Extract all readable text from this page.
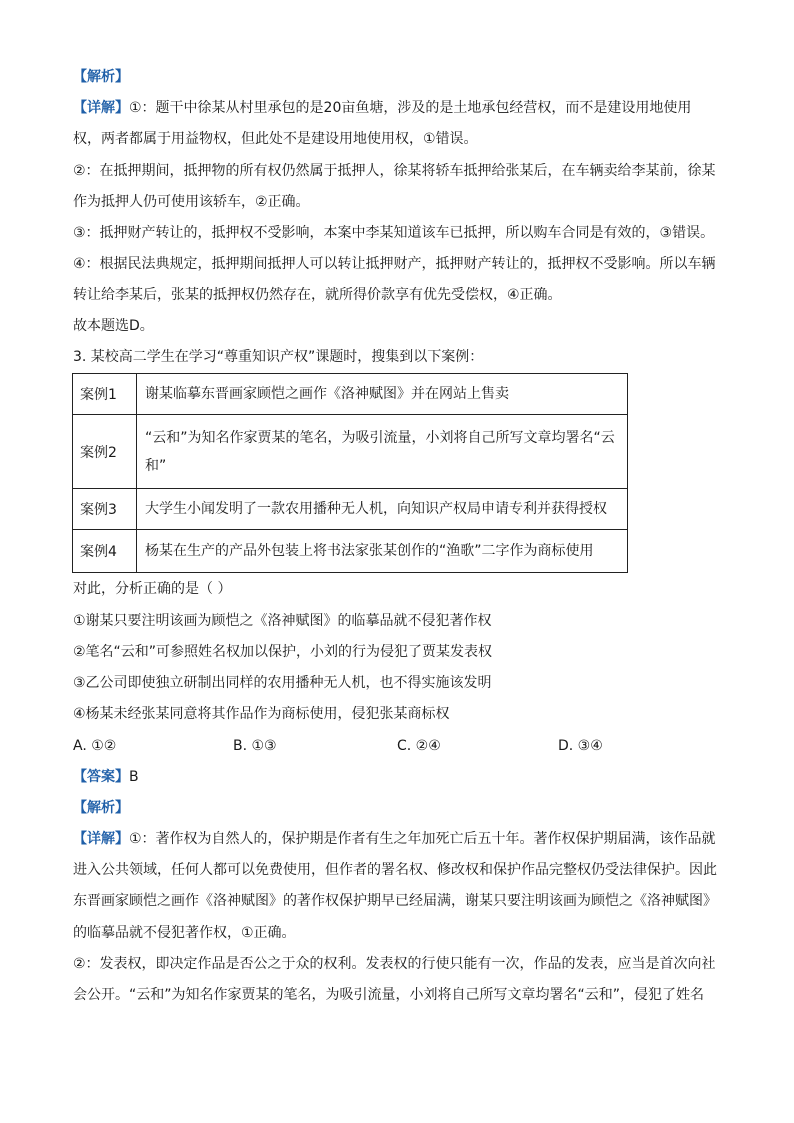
【解析】
【详解】①：题干中徐某从村里承包的是20亩鱼塘，涉及的是土地承包经营权，而不是建设用地使用
权，两者都属于用益物权，但此处不是建设用地使用权，①错误。
②：在抵押期间，抵押物的所有权仍然属于抵押人，徐某将轿车抵押给张某后，在车辆卖给李某前，徐某
作为抵押人仍可使用该轿车，②正确。
③：抵押财产转让的，抵押权不受影响，本案中李某知道该车已抵押，所以购车合同是有效的，③错误。
④：根据民法典规定，抵押期间抵押人可以转让抵押财产，抵押财产转让的，抵押权不受影响。所以车辆
转让给李某后，张某的抵押权仍然存在，就所得价款享有优先受偿权，④正确。
故本题选D。
3. 某校高二学生在学习“尊重知识产权”课题时，搜集到以下案例：
案例1	谢某临摹东晋画家顾恺之画作《洛神赋图》并在网站上售卖
案例2	“云和”为知名作家贾某的笔名，为吸引流量，小刘将自己所写文章均署名“云
和”

案例3	大学生小闻发明了一款农用播种无人机，向知识产权局申请专利并获得授权
案例4	杨某在生产的产品外包装上将书法家张某创作的“渔歌”二字作为商标使用
对此，分析正确的是（ ）
①谢某只要注明该画为顾恺之《洛神赋图》的临摹品就不侵犯著作权
②笔名“云和”可参照姓名权加以保护，小刘的行为侵犯了贾某发表权
③乙公司即使独立研制出同样的农用播种无人机，也不得实施该发明
④杨某未经张某同意将其作品作为商标使用，侵犯张某商标权
A. ①②	B. ①③	C. ②④	D. ③④
【答案】B
【解析】
【详解】①：著作权为自然人的，保护期是作者有生之年加死亡后五十年。著作权保护期届满，该作品就
进入公共领域，任何人都可以免费使用，但作者的署名权、修改权和保护作品完整权仍受法律保护。因此
东晋画家顾恺之画作《洛神赋图》的著作权保护期早已经届满，谢某只要注明该画为顾恺之《洛神赋图》
的临摹品就不侵犯著作权，①正确。
②：发表权，即决定作品是否公之于众的权利。发表权的行使只能有一次，作品的发表，应当是首次向社
会公开。“云和”为知名作家贾某的笔名，为吸引流量，小刘将自己所写文章均署名“云和”，侵犯了姓名
